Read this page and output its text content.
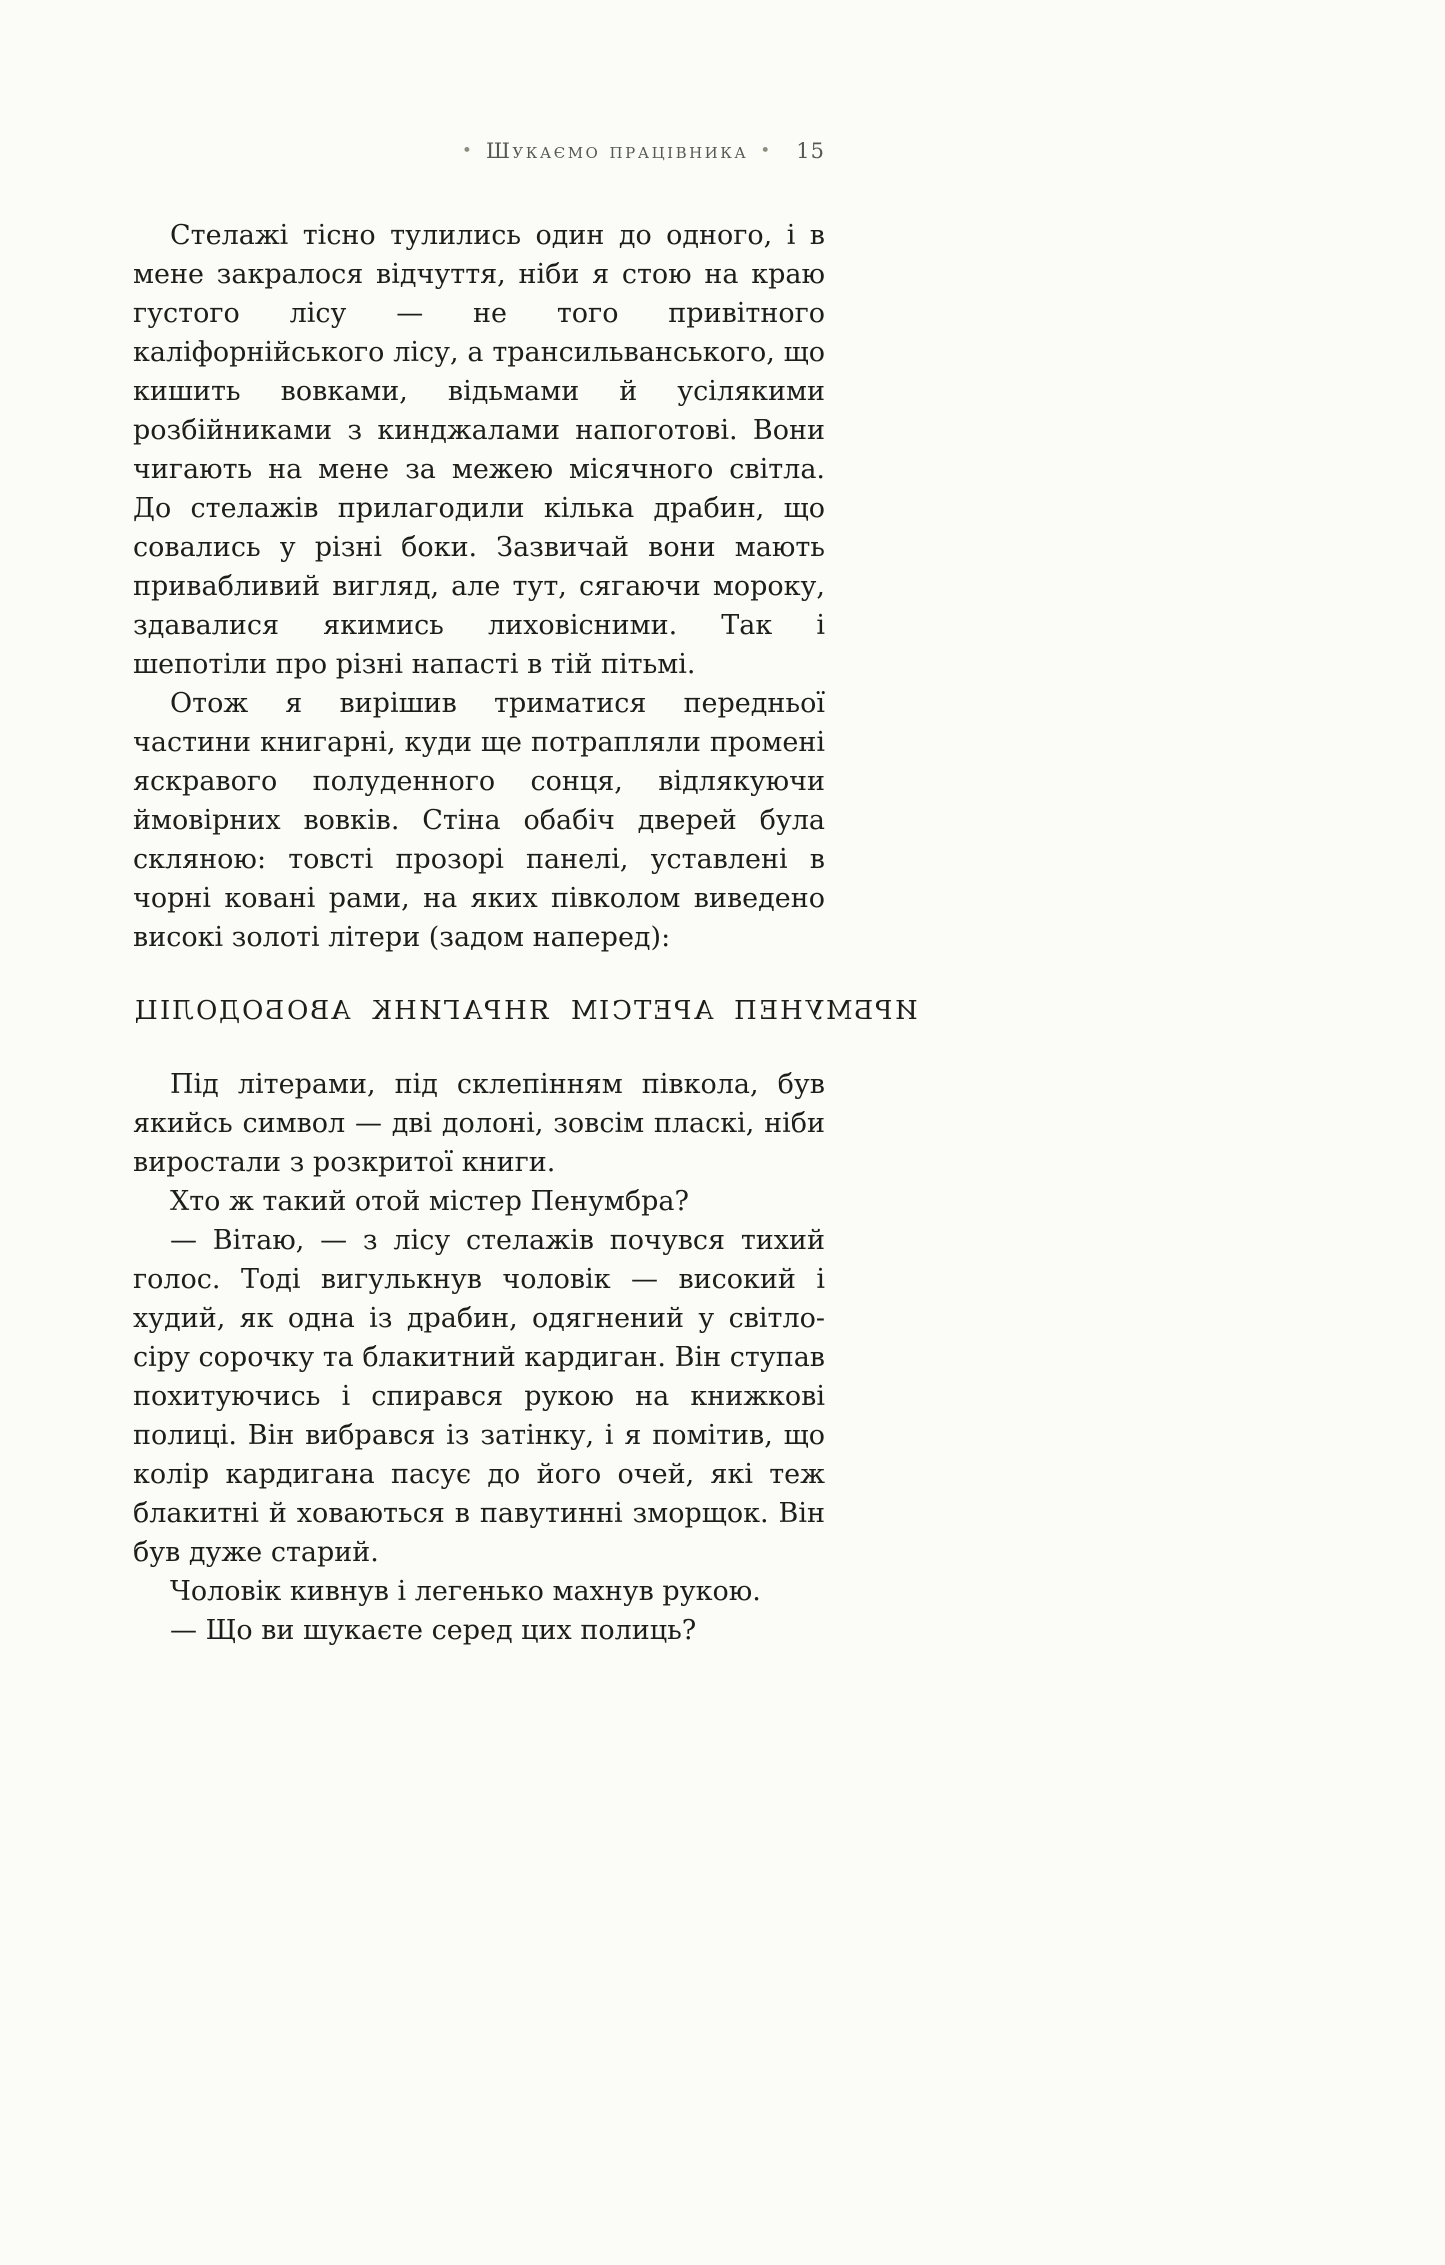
• Шукаємо працівника • 15

Стелажі тісно тулились один до одного, і в мене закралося відчуття, ніби я стою на краю густого лісу — не того привітного каліфорнійського лісу, а трансильванського, що кишить вовками, відьмами й усілякими розбійниками з кинджалами напоготові. Вони чигають на мене за межею місячного світла. До стелажів прилагодили кілька драбин, що совались у різні боки. Зазвичай вони мають привабливий вигляд, але тут, сягаючи мороку, здавалися якимись лиховісними. Так і шепотіли про різні напасті в тій пітьмі.

Отож я вирішив триматися передньої частини книгарні, куди ще потрапляли промені яскравого полуденного сонця, відлякуючи ймовірних вовків. Стіна обабіч дверей була скляною: товсті прозорі панелі, уставлені в чорні ковані рами, на яких півколом виведено високі золоті літери (задом наперед):

ЦІЛОДОБОВА КНИГАРНЯ МІСТЕРА ПЕНУМБРИ

Під літерами, під склепінням півкола, був якийсь символ — дві долоні, зовсім пласкі, ніби виростали з розкритої книги.

Хто ж такий отой містер Пенумбра?

— Вітаю, — з лісу стелажів почувся тихий голос. Тоді вигулькнув чоловік — високий і худий, як одна із драбин, одягнений у світло-сіру сорочку та блакитний кардиган. Він ступав похитуючись і спирався рукою на книжкові полиці. Він вибрався із затінку, і я помітив, що колір кардигана пасує до його очей, які теж блакитні й ховаються в павутинні зморщок. Він був дуже старий.

Чоловік кивнув і легенько махнув рукою.

— Що ви шукаєте серед цих полиць?
